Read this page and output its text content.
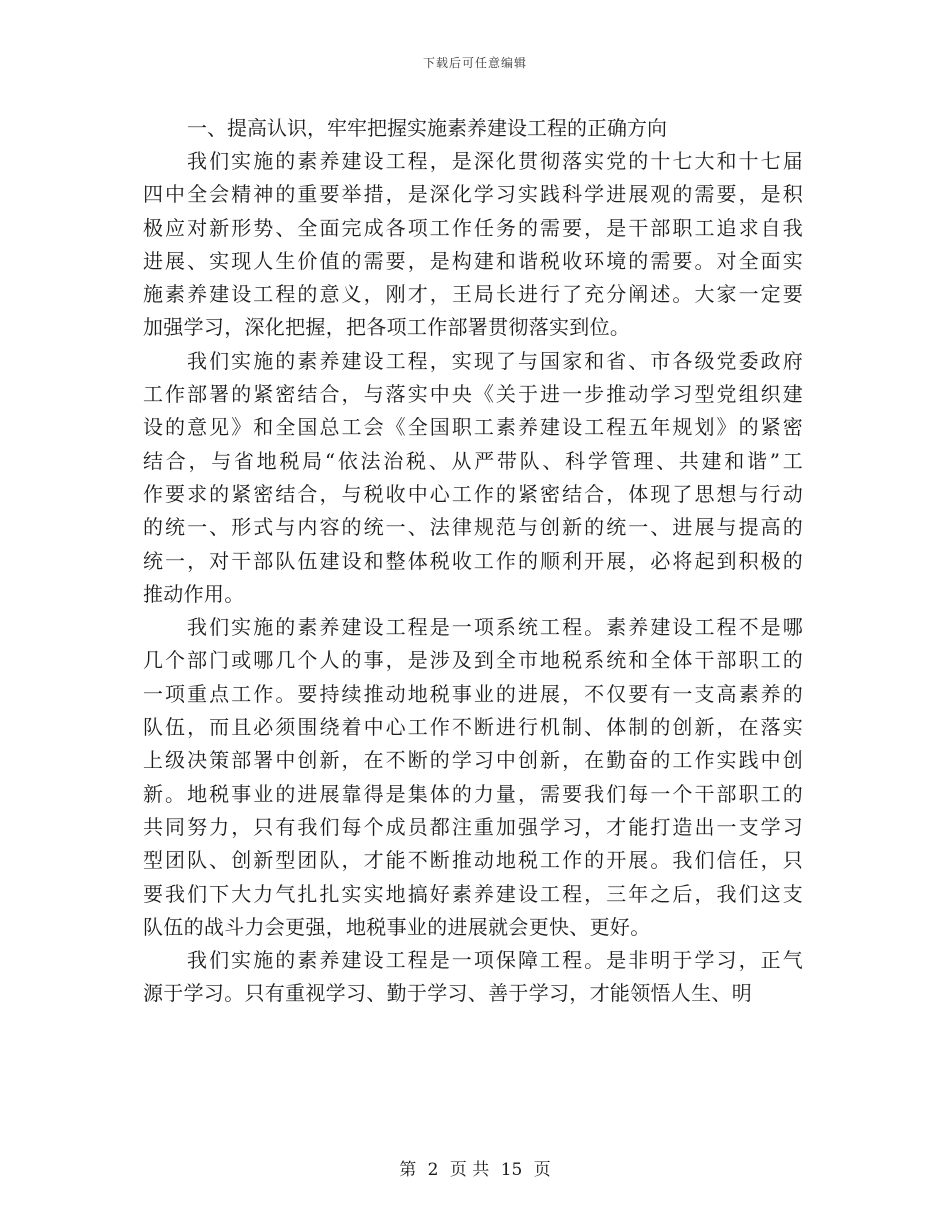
下载后可任意编辑
一、提高认识，牢牢把握实施素养建设工程的正确方向
我们实施的素养建设工程，是深化贯彻落实党的十七大和十七届
四中全会精神的重要举措，是深化学习实践科学进展观的需要，是积
极应对新形势、全面完成各项工作任务的需要，是干部职工追求自我
进展、实现人生价值的需要，是构建和谐税收环境的需要。对全面实
施素养建设工程的意义，刚才，王局长进行了充分阐述。大家一定要
加强学习，深化把握，把各项工作部署贯彻落实到位。
我们实施的素养建设工程，实现了与国家和省、市各级党委政府
工作部署的紧密结合，与落实中央《关于进一步推动学习型党组织建
设的意见》和全国总工会《全国职工素养建设工程五年规划》的紧密
结合，与省地税局“依法治税、从严带队、科学管理、共建和谐”工
作要求的紧密结合，与税收中心工作的紧密结合，体现了思想与行动
的统一、形式与内容的统一、法律规范与创新的统一、进展与提高的
统一，对干部队伍建设和整体税收工作的顺利开展，必将起到积极的
推动作用。
我们实施的素养建设工程是一项系统工程。素养建设工程不是哪
几个部门或哪几个人的事，是涉及到全市地税系统和全体干部职工的
一项重点工作。要持续推动地税事业的进展，不仅要有一支高素养的
队伍，而且必须围绕着中心工作不断进行机制、体制的创新，在落实
上级决策部署中创新，在不断的学习中创新，在勤奋的工作实践中创
新。地税事业的进展靠得是集体的力量，需要我们每一个干部职工的
共同努力，只有我们每个成员都注重加强学习，才能打造出一支学习
型团队、创新型团队，才能不断推动地税工作的开展。我们信任，只
要我们下大力气扎扎实实地搞好素养建设工程，三年之后，我们这支
队伍的战斗力会更强，地税事业的进展就会更快、更好。
我们实施的素养建设工程是一项保障工程。是非明于学习，正气
源于学习。只有重视学习、勤于学习、善于学习，才能领悟人生、明
第 2 页 共 15 页
